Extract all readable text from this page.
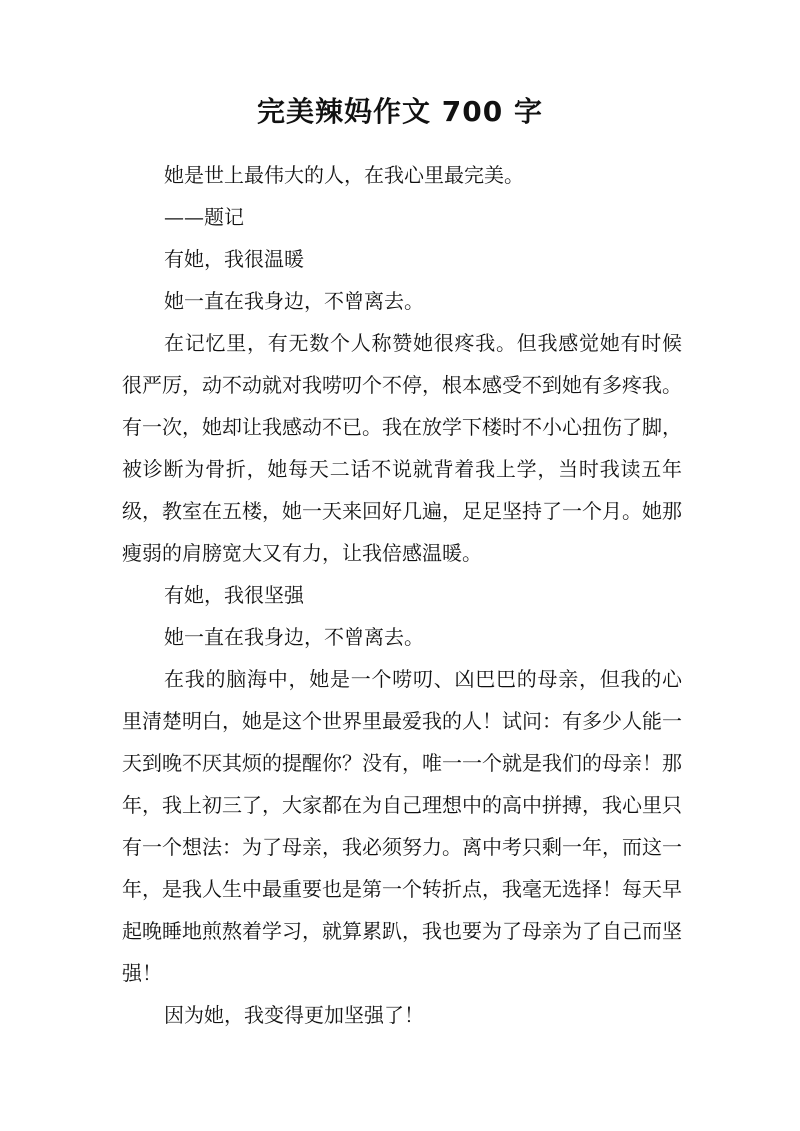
完美辣妈作文 700 字

她是世上最伟大的人，在我心里最完美。

——题记

有她，我很温暖

她一直在我身边，不曾离去。

在记忆里，有无数个人称赞她很疼我。但我感觉她有时候很严厉，动不动就对我唠叨个不停，根本感受不到她有多疼我。有一次，她却让我感动不已。我在放学下楼时不小心扭伤了脚，被诊断为骨折，她每天二话不说就背着我上学，当时我读五年级，教室在五楼，她一天来回好几遍，足足坚持了一个月。她那瘦弱的肩膀宽大又有力，让我倍感温暖。

有她，我很坚强

她一直在我身边，不曾离去。

在我的脑海中，她是一个唠叨、凶巴巴的母亲，但我的心里清楚明白，她是这个世界里最爱我的人！试问：有多少人能一天到晚不厌其烦的提醒你？没有，唯一一个就是我们的母亲！那年，我上初三了，大家都在为自己理想中的高中拼搏，我心里只有一个想法：为了母亲，我必须努力。离中考只剩一年，而这一年，是我人生中最重要也是第一个转折点，我毫无选择！每天早起晚睡地煎熬着学习，就算累趴，我也要为了母亲为了自己而坚强！

因为她，我变得更加坚强了！
